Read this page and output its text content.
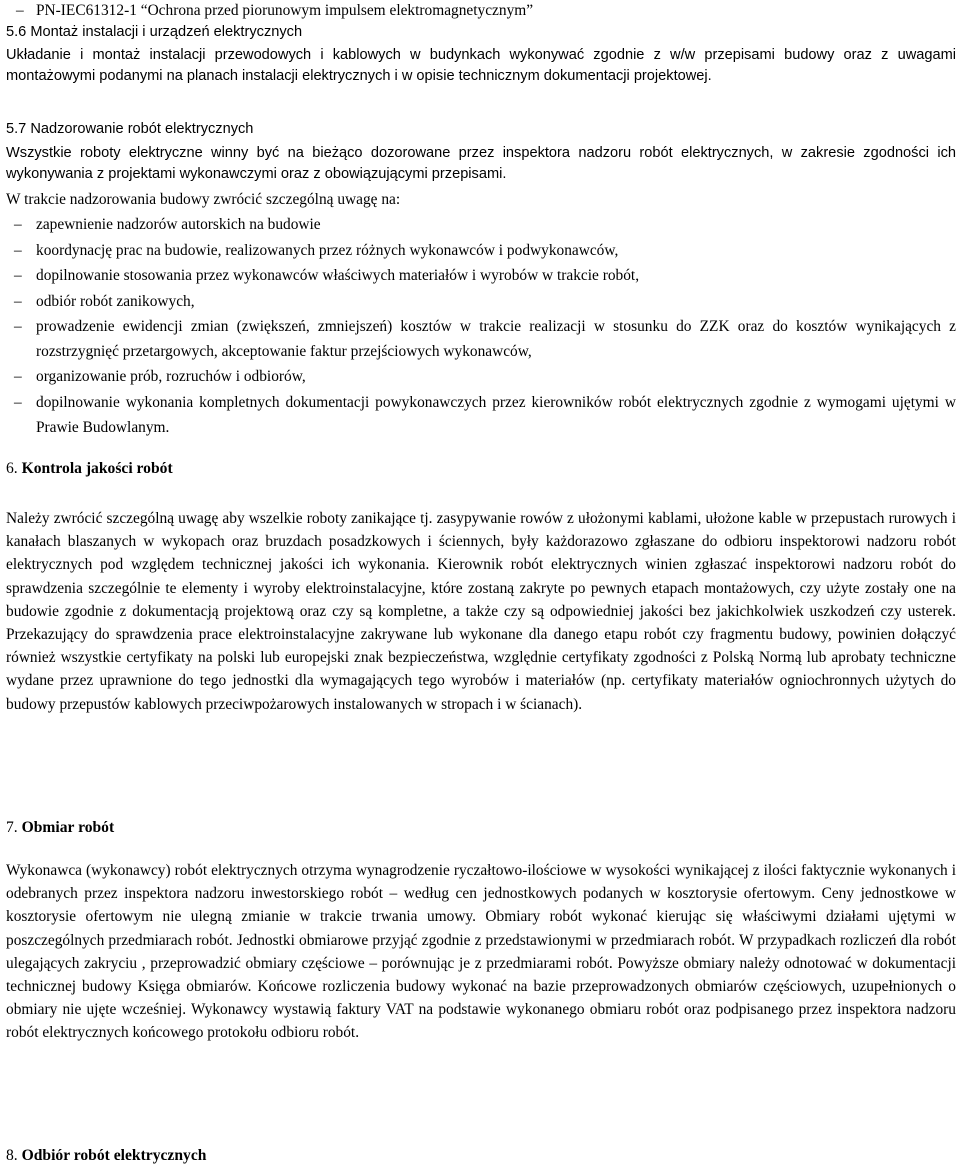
– PN-IEC61312-1 “Ochrona przed piorunowym impulsem elektromagnetycznym”
5.6 Montaż instalacji i urządzeń elektrycznych
Układanie i montaż instalacji przewodowych i kablowych w budynkach wykonywać zgodnie z w/w przepisami budowy oraz z uwagami montażowymi podanymi na planach instalacji elektrycznych i w opisie technicznym dokumentacji projektowej.
5.7 Nadzorowanie robót elektrycznych
Wszystkie roboty elektryczne winny być na bieżąco dozorowane przez inspektora nadzoru robót elektrycznych, w zakresie zgodności ich wykonywania z projektami wykonawczymi oraz z obowiązującymi przepisami.
W trakcie nadzorowania budowy zwrócić szczególną uwagę na:
– zapewnienie nadzorów autorskich na budowie
– koordynację prac na budowie, realizowanych przez różnych wykonawców i podwykonawców,
– dopilnowanie stosowania przez wykonawców właściwych materiałów i wyrobów w trakcie robót,
– odbiór robót zanikowych,
– prowadzenie ewidencji zmian (zwiększeń, zmniejszeń) kosztów w trakcie realizacji w stosunku do ZZK oraz do kosztów wynikających z rozstrzygnięć przetargowych, akceptowanie faktur przejściowych wykonawców,
– organizowanie prób, rozruchów i odbiorów,
– dopilnowanie wykonania kompletnych dokumentacji powykonawczych przez kierowników robót elektrycznych zgodnie z wymogami ujętymi w Prawie Budowlanym.
6. Kontrola jakości robót
Należy zwrócić szczególną uwagę aby wszelkie roboty zanikające tj. zasypywanie rowów z ułożonymi kablami, ułożone kable w przepustach rurowych i kanałach blaszanych w wykopach oraz bruzdach posadzkowych i ściennych, były każdorazowo zgłaszane do odbioru inspektorowi nadzoru robót elektrycznych pod względem technicznej jakości ich wykonania. Kierownik robót elektrycznych winien zgłaszać inspektorowi nadzoru robót do sprawdzenia szczególnie te elementy i wyroby elektroinstalacyjne, które zostaną zakryte po pewnych etapach montażowych, czy użyte zostały one na budowie zgodnie z dokumentacją projektową oraz czy są kompletne, a także czy są odpowiedniej jakości bez jakichkolwiek uszkodzeń czy usterek. Przekazujący do sprawdzenia prace elektroinstalacyjne zakrywane lub wykonane dla danego etapu robót czy fragmentu budowy, powinien dołączyć również wszystkie certyfikaty na polski lub europejski znak bezpieczeństwa, względnie certyfikaty zgodności z Polską Normą lub aprobaty techniczne wydane przez uprawnione do tego jednostki dla wymagających tego wyrobów i materiałów (np. certyfikaty materiałów ogniochronnych użytych do budowy przepustów kablowych przeciwpożarowych instalowanych w stropach i w ścianach).
7. Obmiar robót
Wykonawca (wykonawcy) robót elektrycznych otrzyma wynagrodzenie ryczałtowo-ilościowe w wysokości wynikającej z ilości faktycznie wykonanych i odebranych przez inspektora nadzoru inwestorskiego robót – według cen jednostkowych podanych w kosztorysie ofertowym. Ceny jednostkowe w kosztorysie ofertowym nie ulegną zmianie w trakcie trwania umowy. Obmiary robót wykonać kierując się właściwymi działami ujętymi w poszczególnych przedmiarach robót. Jednostki obmiarowe przyjąć zgodnie z przedstawionymi w przedmiarach robót. W przypadkach rozliczeń dla robót ulegających zakryciu , przeprowadzić obmiary częściowe – porównując je z przedmiarami robót. Powyższe obmiary należy odnotować w dokumentacji technicznej budowy Księga obmiarów. Końcowe rozliczenia budowy wykonać na bazie przeprowadzonych obmiarów częściowych, uzupełnionych o obmiary nie ujęte wcześniej. Wykonawcy wystawią faktury VAT na podstawie wykonanego obmiaru robót oraz podpisanego przez inspektora nadzoru robót elektrycznych końcowego protokołu odbioru robót.
8. Odbiór robót elektrycznych
